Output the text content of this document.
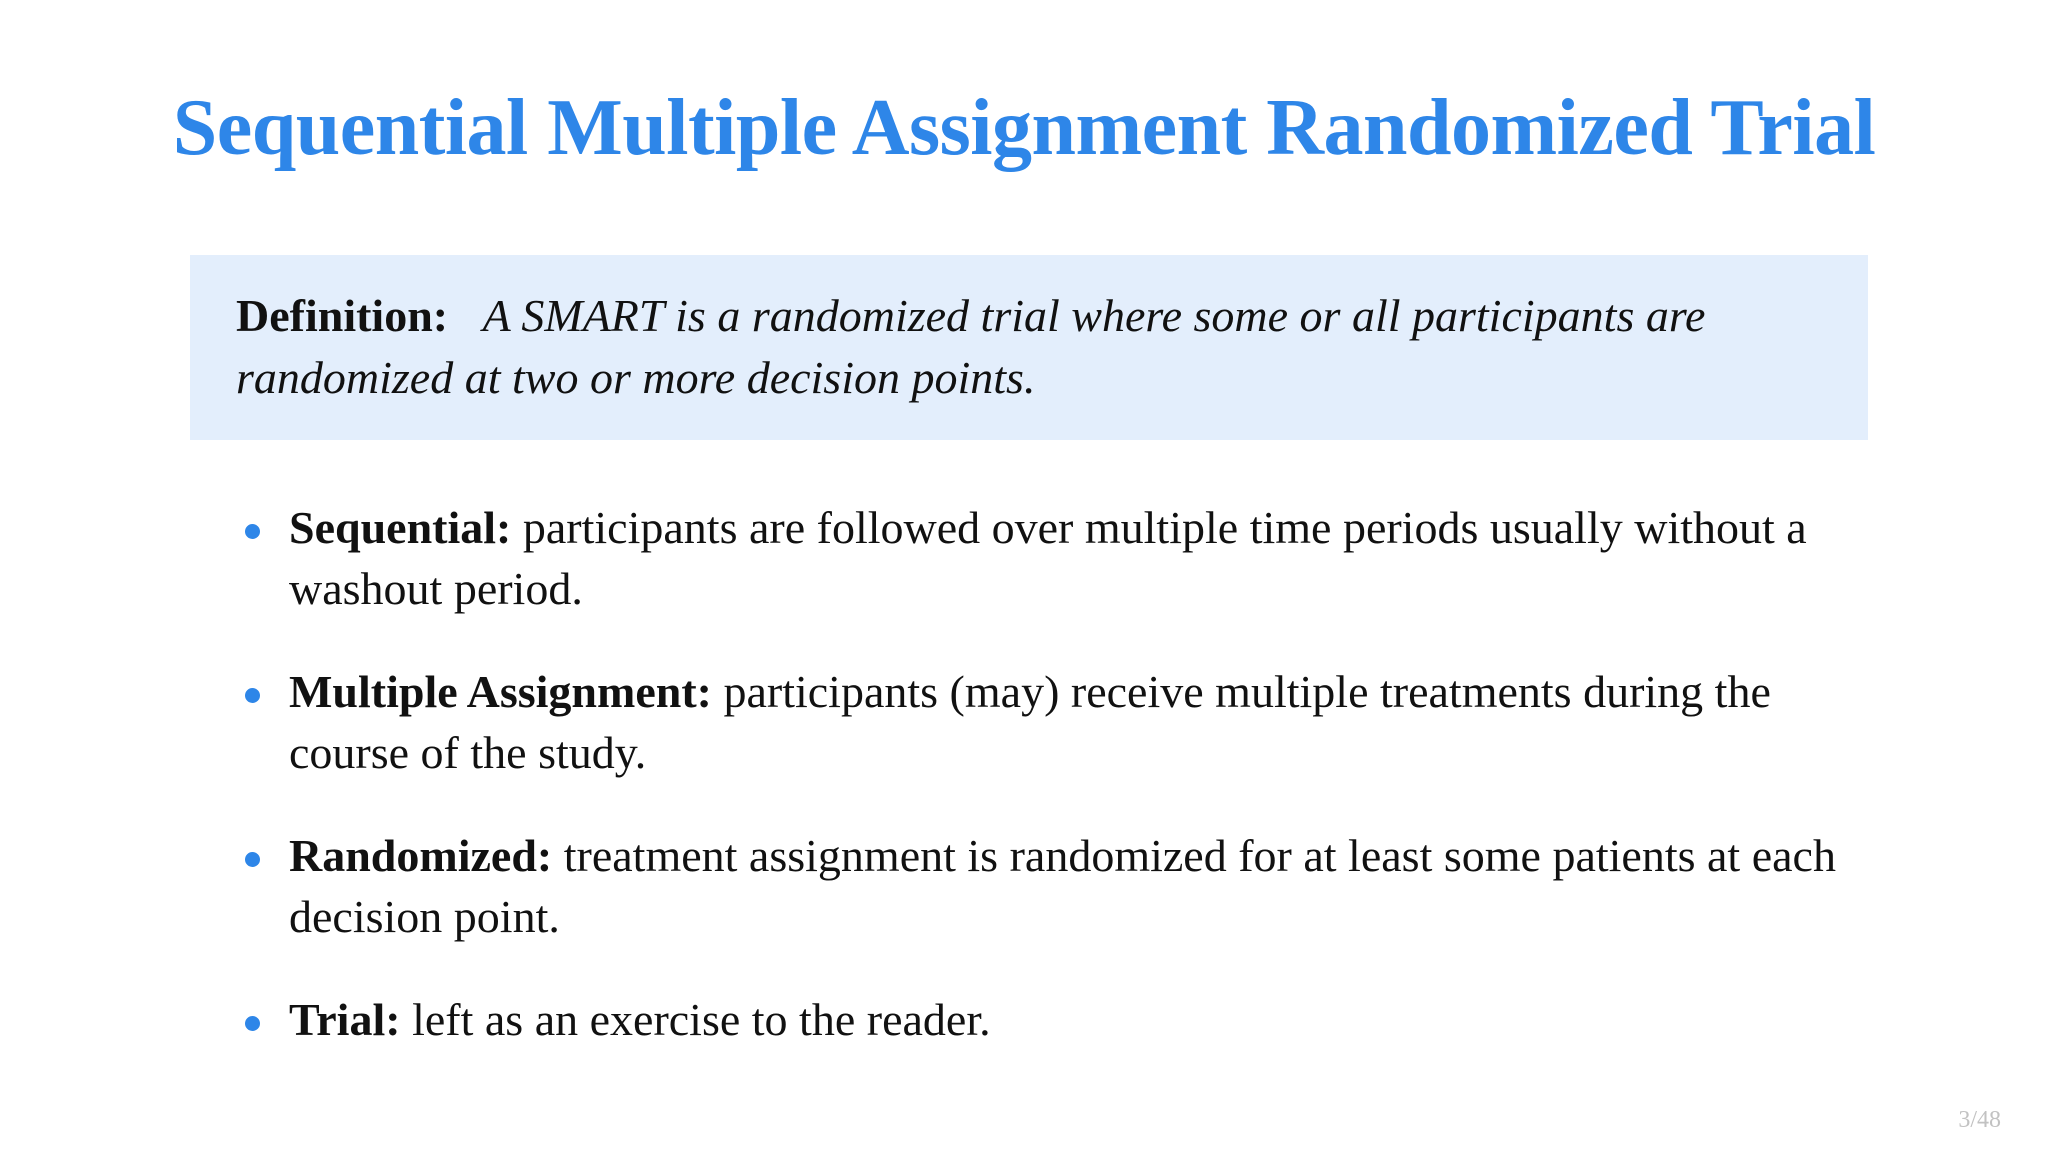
Sequential Multiple Assignment Randomized Trial
Definition: A SMART is a randomized trial where some or all participants are randomized at two or more decision points.
Sequential: participants are followed over multiple time periods usually without a washout period.
Multiple Assignment: participants (may) receive multiple treatments during the course of the study.
Randomized: treatment assignment is randomized for at least some patients at each decision point.
Trial: left as an exercise to the reader.
3/48
